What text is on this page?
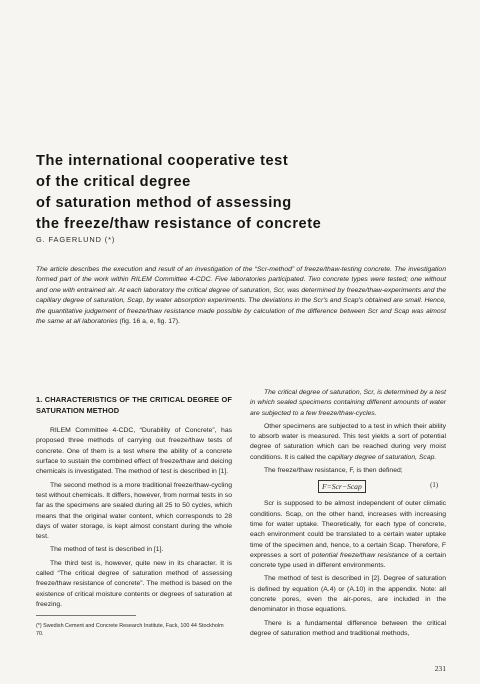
The international cooperative test
of the critical degree
of saturation method of assessing
the freeze/thaw resistance of concrete
G. FAGERLUND (*)
The article describes the execution and result of an investigation of the “Scr-method” of freeze/thaw-testing concrete. The investigation formed part of the work within RILEM Committee 4-CDC. Five laboratories participated. Two concrete types were tested; one without and one with entrained air. At each laboratory the critical degree of saturation, Scr, was determined by freeze/thaw-experiments and the capillary degree of saturation, Scap, by water absorption experiments. The deviations in the Scr's and Scap's obtained are small. Hence, the quantitative judgement of freeze/thaw resistance made possible by calculation of the difference between Scr and Scap was almost the same at all laboratories (fig. 16 a, e, fig. 17).
1. CHARACTERISTICS OF THE CRITICAL DEGREE OF SATURATION METHOD

RILEM Committee 4-CDC, “Durability of Concrete”, has proposed three methods of carrying out freeze/thaw tests of concrete. One of them is a test where the ability of a concrete surface to sustain the combined effect of freeze/thaw and deicing chemicals is investigated. The method of test is described in [1].

The second method is a more traditional freeze/thaw-cycling test without chemicals. It differs, however, from normal tests in so far as the specimens are sealed during all 25 to 50 cycles, which means that the original water content, which corresponds to 28 days of water storage, is kept almost constant during the whole test.

The method of test is described in [1].

The third test is, however, quite new in its character. It is called “The critical degree of saturation method of assessing freeze/thaw resistance of concrete”. The method is based on the existence of critical moisture contents or degrees of saturation at freezing.

The critical degree of saturation, Scr, is determined by a test in which sealed specimens containing different amounts of water are subjected to a few freeze/thaw-cycles.

Other specimens are subjected to a test in which their ability to absorb water is measured. This test yields a sort of potential degree of saturation which can be reached during very moist conditions. It is called the capillary degree of saturation, Scap.

The freeze/thaw resistance, F, is then defined;

F=Scr−Scap	(1)

Scr is supposed to be almost independent of outer climatic conditions. Scap, on the other hand, increases with increasing time for water uptake. Theoretically, for each type of concrete, each environment could be translated to a certain water uptake time of the specimen and, hence, to a certain Scap. Therefore, F expresses a sort of potential freeze/thaw resistance of a certain concrete type used in different environments.

The method of test is described in [2]. Degree of saturation is defined by equation (A.4) or (A.10) in the appendix. Note: all concrete pores, even the air-pores, are included in the denominator in those equations.

There is a fundamental difference between the critical degree of saturation method and traditional methods,

(*) Swedish Cement and Concrete Research Institute, Fack, 100 44 Stockholm 70.
231
